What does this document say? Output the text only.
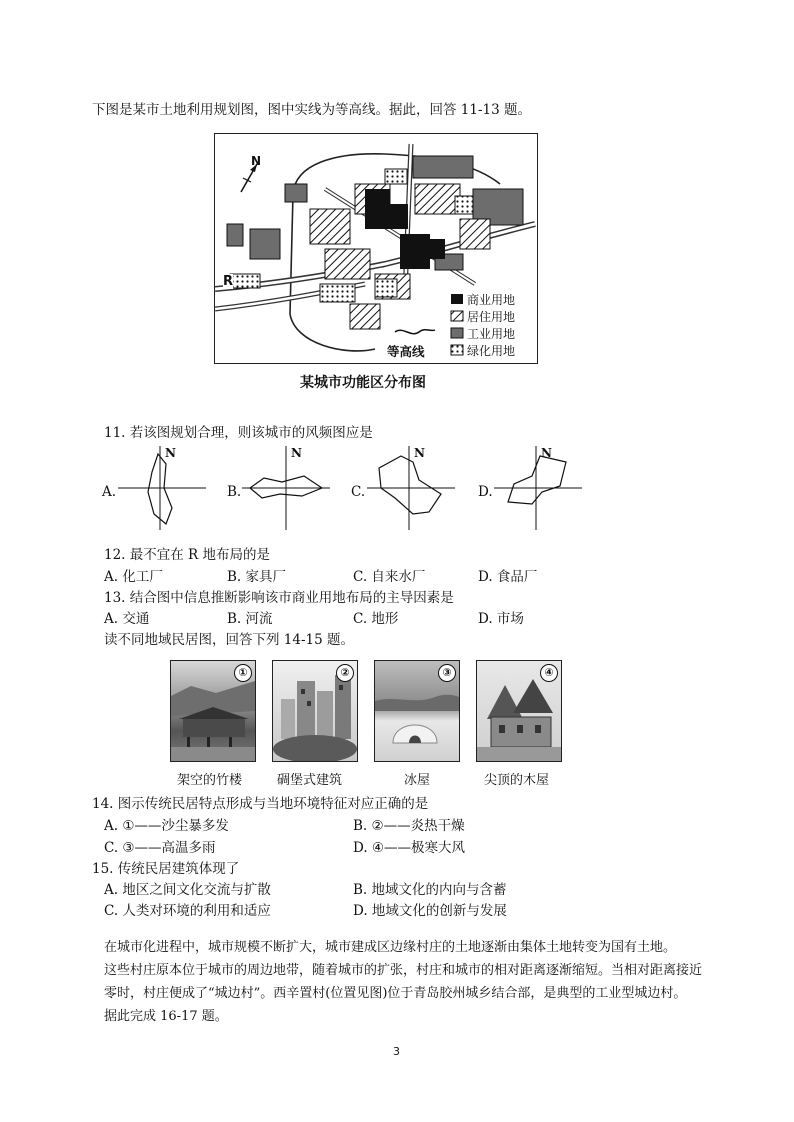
下图是某市土地利用规划图，图中实线为等高线。据此，回答 11-13 题。
N
R
商业用地
居住用地
工业用地
绿化用地
等高线
某城市功能区分布图
11. 若该图规划合理，则该城市的风频图应是
A.
N
B.
N
C.
N
D.
N
12. 最不宜在 R 地布局的是
A. 化工厂	B. 家具厂	C. 自来水厂	D. 食品厂
13. 结合图中信息推断影响该市商业用地布局的主导因素是
A. 交通	B. 河流	C. 地形	D. 市场
读不同地域民居图，回答下列 14-15 题。
①	②	③	④
架空的竹楼	碉堡式建筑	冰屋	尖顶的木屋
14. 图示传统民居特点形成与当地环境特征对应正确的是
A. ①——沙尘暴多发	B. ②——炎热干燥
C. ③——高温多雨	D. ④——极寒大风
15. 传统民居建筑体现了
A. 地区之间文化交流与扩散	B. 地域文化的内向与含蓄
C. 人类对环境的利用和适应	D. 地域文化的创新与发展
在城市化进程中，城市规模不断扩大，城市建成区边缘村庄的土地逐渐由集体土地转变为国有土地。
这些村庄原本位于城市的周边地带，随着城市的扩张，村庄和城市的相对距离逐渐缩短。当相对距离接近
零时，村庄便成了“城边村”。西辛置村(位置见图)位于青岛胶州城乡结合部，是典型的工业型城边村。
据此完成 16-17 题。
3
